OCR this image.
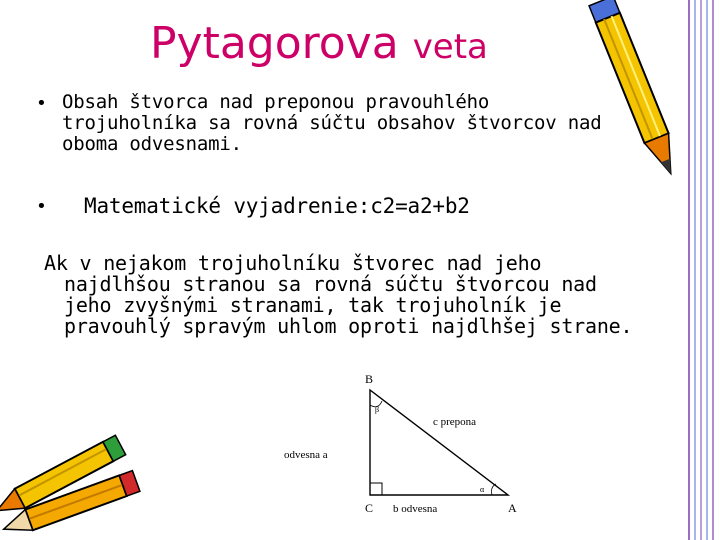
Pytagorova veta
• Obsah štvorca nad preponou pravouhlého
trojuholníka sa rovná súčtu obsahov štvorcov nad
oboma odvesnami.
• Matematické vyjadrenie:c2=a2+b2
Ak v nejakom trojuholníku štvorec nad jeho
najdlhšou stranou sa rovná súčtu štvorcou nad
jeho zvyšnými stranami, tak trojuholník je
pravouhlý spravým uhlom oproti najdlhšej strane.
B
C	A
c prepona
odvesna a
b odvesna
β
α
